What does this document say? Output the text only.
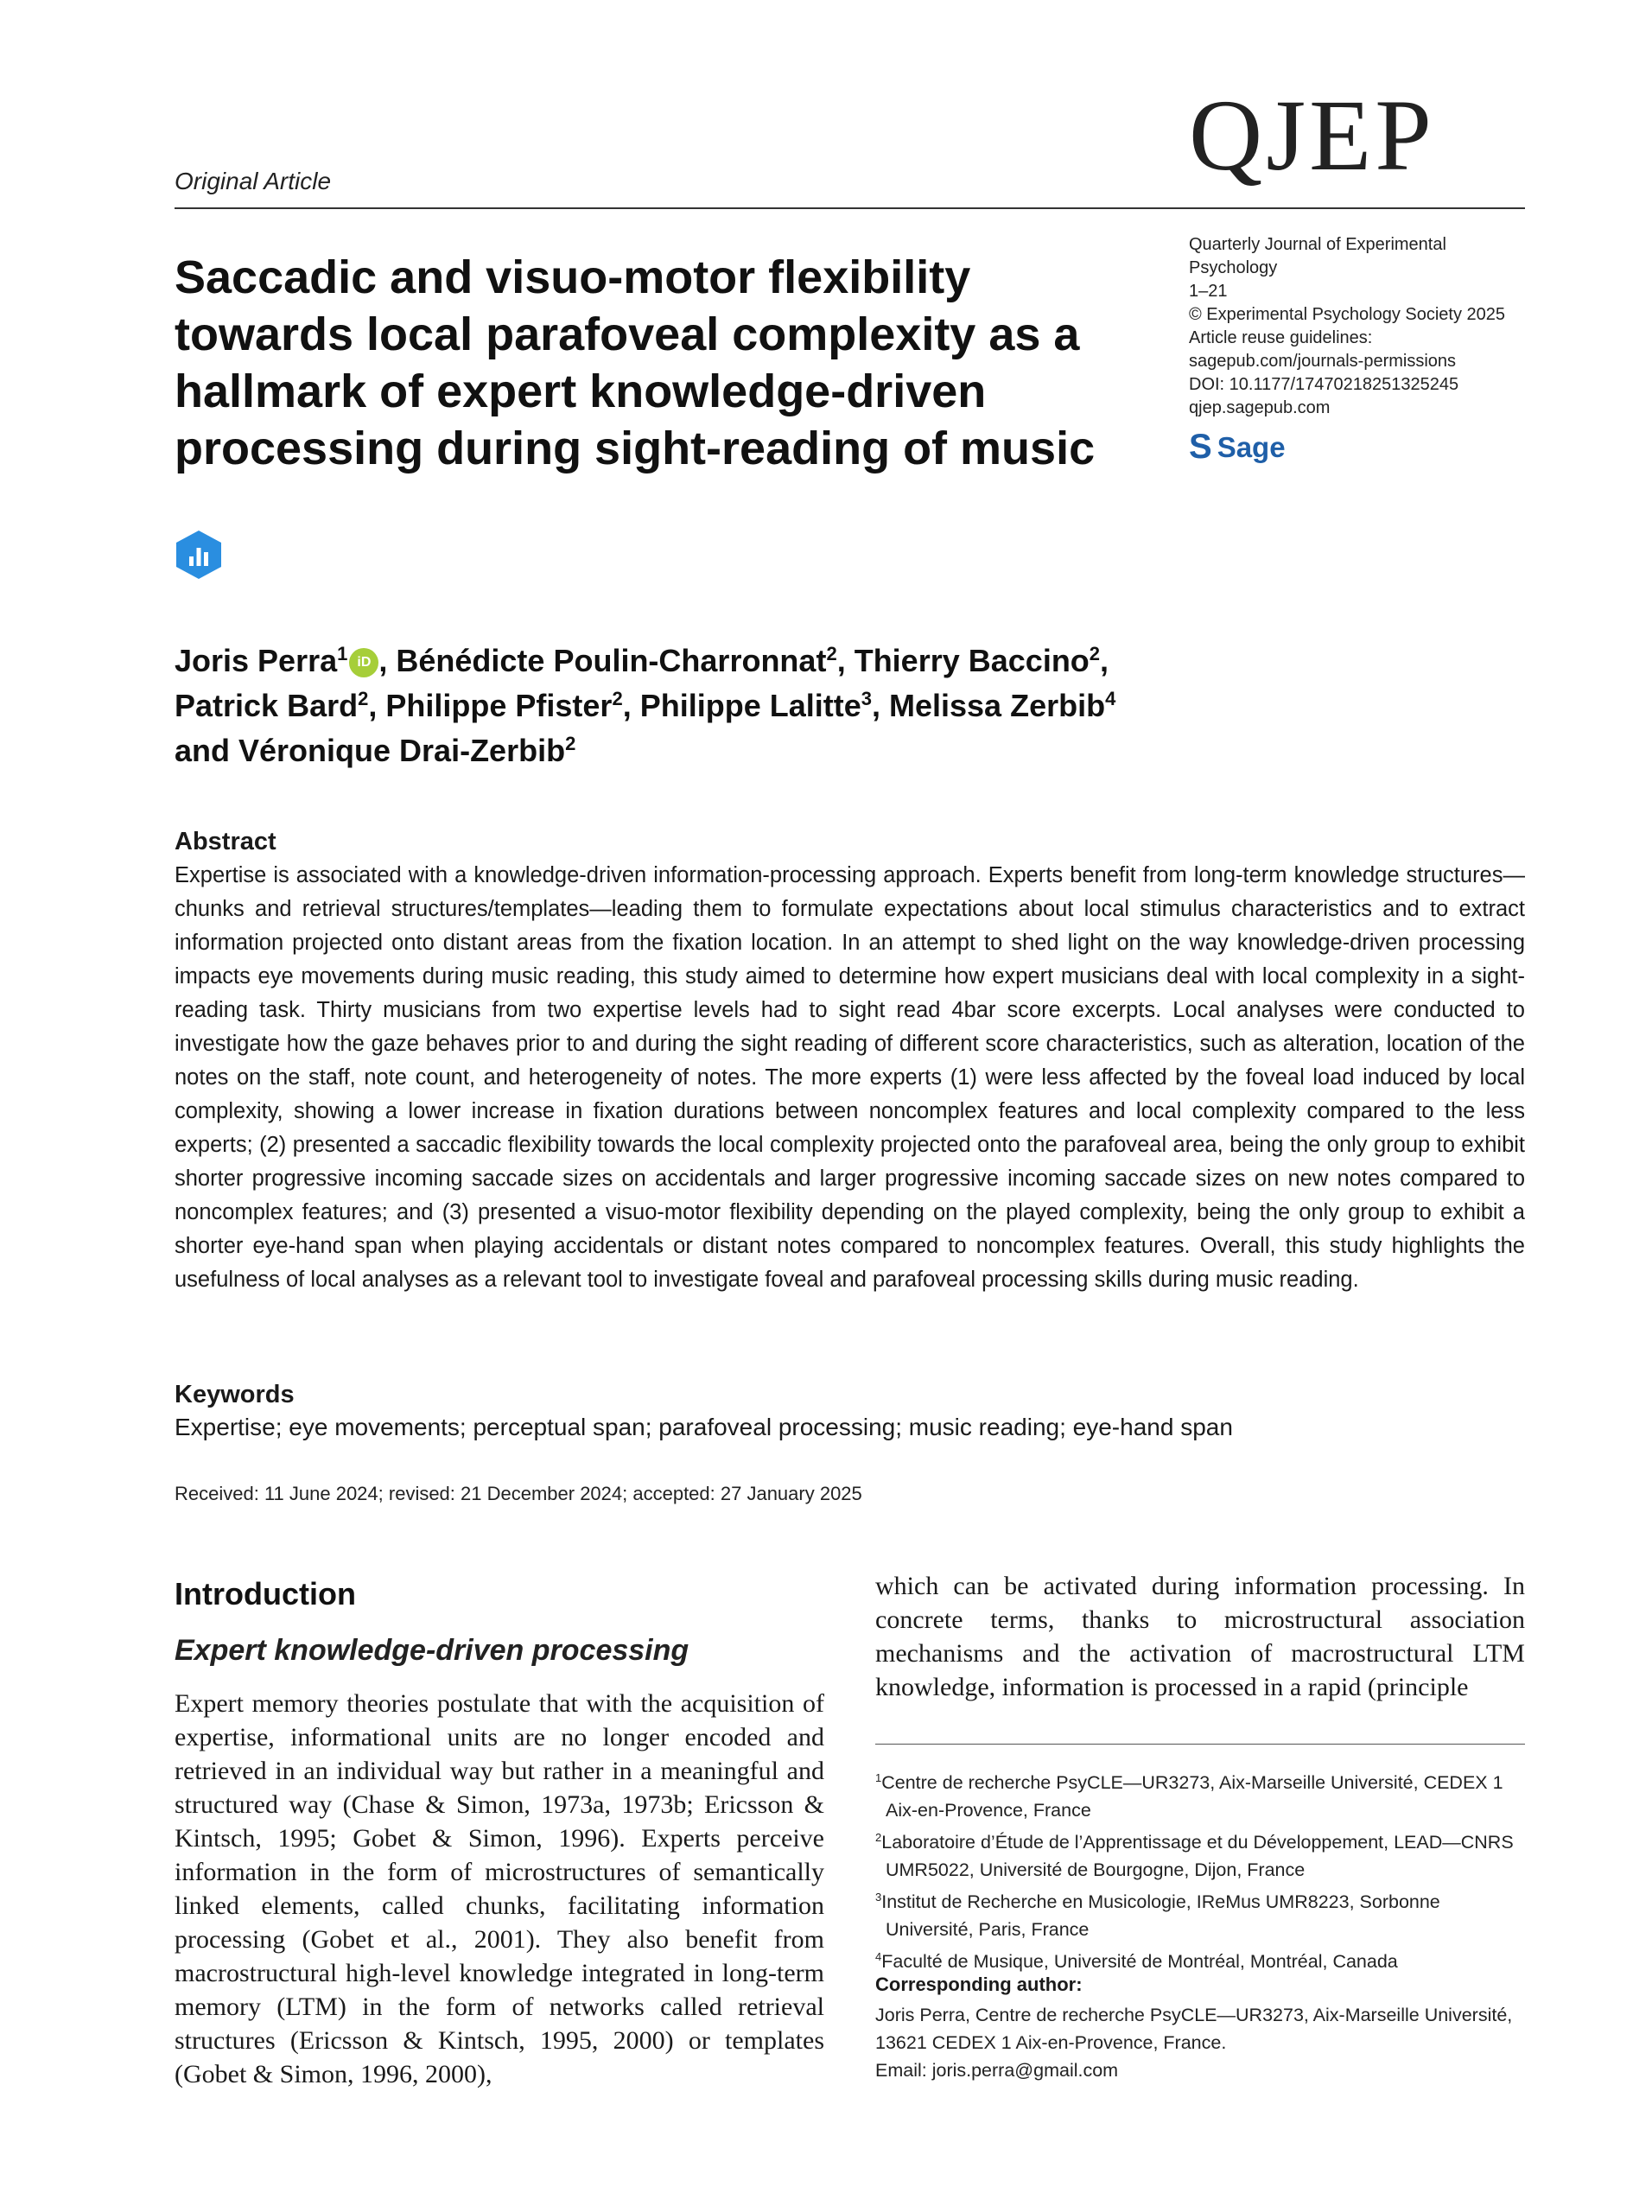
QJEP
Original Article
Saccadic and visuo-motor flexibility towards local parafoveal complexity as a hallmark of expert knowledge-driven processing during sight-reading of music
Quarterly Journal of Experimental
Psychology
1–21
© Experimental Psychology Society 2025
Article reuse guidelines:
sagepub.com/journals-permissions
DOI: 10.1177/17470218251325245
qjep.sagepub.com
S Sage
Joris Perra$^1$ iD , Bénédicte Poulin-Charronnat$^2$, Thierry Baccino$^2$,
Patrick Bard$^2$, Philippe Pfister$^2$, Philippe Lalitte$^3$, Melissa Zerbib$^4$
and Véronique Drai-Zerbib$^2$
Abstract

Expertise is associated with a knowledge-driven information-processing approach. Experts benefit from long-term knowledge structures—chunks and retrieval structures/templates—leading them to formulate expectations about local stimulus characteristics and to extract information projected onto distant areas from the fixation location. In an attempt to shed light on the way knowledge-driven processing impacts eye movements during music reading, this study aimed to determine how expert musicians deal with local complexity in a sight-reading task. Thirty musicians from two expertise levels had to sight read 4bar score excerpts. Local analyses were conducted to investigate how the gaze behaves prior to and during the sight reading of different score characteristics, such as alteration, location of the notes on the staff, note count, and heterogeneity of notes. The more experts (1) were less affected by the foveal load induced by local complexity, showing a lower increase in fixation durations between noncomplex features and local complexity compared to the less experts; (2) presented a saccadic flexibility towards the local complexity projected onto the parafoveal area, being the only group to exhibit shorter progressive incoming saccade sizes on accidentals and larger progressive incoming saccade sizes on new notes compared to noncomplex features; and (3) presented a visuo-motor flexibility depending on the played complexity, being the only group to exhibit a shorter eye-hand span when playing accidentals or distant notes compared to noncomplex features. Overall, this study highlights the usefulness of local analyses as a relevant tool to investigate foveal and parafoveal processing skills during music reading.

Keywords

Expertise; eye movements; perceptual span; parafoveal processing; music reading; eye-hand span

Received: 11 June 2024; revised: 21 December 2024; accepted: 27 January 2025

Introduction
Expert knowledge-driven processing

Expert memory theories postulate that with the acquisition of expertise, informational units are no longer encoded and retrieved in an individual way but rather in a meaningful and structured way (Chase & Simon, 1973a, 1973b; Ericsson & Kintsch, 1995; Gobet & Simon, 1996). Experts perceive information in the form of microstructures of semantically linked elements, called chunks, facilitating information processing (Gobet et al., 2001). They also benefit from macrostructural high-level knowledge integrated in long-term memory (LTM) in the form of networks called retrieval structures (Ericsson & Kintsch, 1995, 2000) or templates (Gobet & Simon, 1996, 2000),

which can be activated during information processing. In concrete terms, thanks to microstructural association mechanisms and the activation of macrostructural LTM knowledge, information is processed in a rapid (principle

$^1$Centre de recherche PsyCLE—UR3273, Aix-Marseille Université, CEDEX 1 Aix-en-Provence, France
$^2$Laboratoire d’Étude de l’Apprentissage et du Développement, LEAD—CNRS UMR5022, Université de Bourgogne, Dijon, France
$^3$Institut de Recherche en Musicologie, IReMus UMR8223, Sorbonne Université, Paris, France
$^4$Faculté de Musique, Université de Montréal, Montréal, Canada
Corresponding author:
Joris Perra, Centre de recherche PsyCLE—UR3273, Aix-Marseille Université, 13621 CEDEX 1 Aix-en-Provence, France.
Email: joris.perra@gmail.com
